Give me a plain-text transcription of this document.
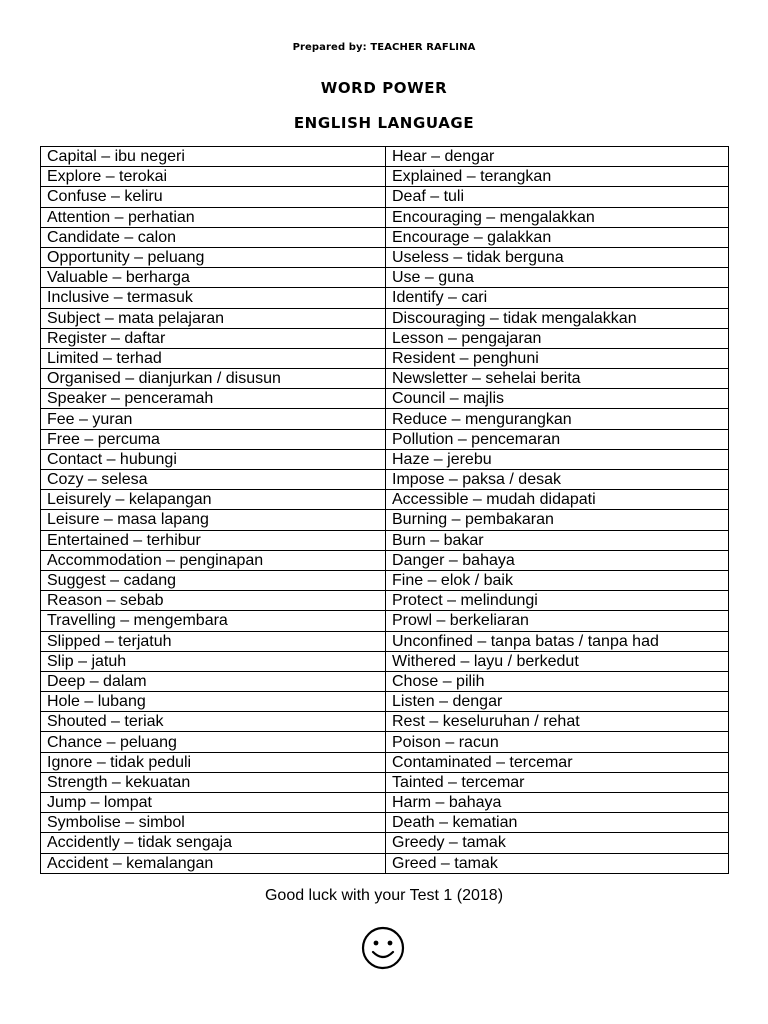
Prepared by: TEACHER RAFLINA
WORD POWER
ENGLISH LANGUAGE
Capital – ibu negeri	Hear – dengar
Explore – terokai	Explained – terangkan
Confuse – keliru	Deaf – tuli
Attention – perhatian	Encouraging – mengalakkan
Candidate – calon	Encourage – galakkan
Opportunity – peluang	Useless – tidak berguna
Valuable – berharga	Use – guna
Inclusive – termasuk	Identify – cari
Subject – mata pelajaran	Discouraging – tidak mengalakkan
Register – daftar	Lesson – pengajaran
Limited – terhad	Resident – penghuni
Organised – dianjurkan / disusun	Newsletter – sehelai berita
Speaker – penceramah	Council – majlis
Fee – yuran	Reduce – mengurangkan
Free – percuma	Pollution – pencemaran
Contact – hubungi	Haze – jerebu
Cozy – selesa	Impose – paksa / desak
Leisurely – kelapangan	Accessible – mudah didapati
Leisure – masa lapang	Burning – pembakaran
Entertained – terhibur	Burn – bakar
Accommodation – penginapan	Danger – bahaya
Suggest – cadang	Fine – elok / baik
Reason – sebab	Protect – melindungi
Travelling – mengembara	Prowl – berkeliaran
Slipped – terjatuh	Unconfined – tanpa batas / tanpa had
Slip – jatuh	Withered – layu / berkedut
Deep – dalam	Chose – pilih
Hole – lubang	Listen – dengar
Shouted – teriak	Rest – keseluruhan / rehat
Chance – peluang	Poison – racun
Ignore – tidak peduli	Contaminated – tercemar
Strength – kekuatan	Tainted – tercemar
Jump – lompat	Harm – bahaya
Symbolise – simbol	Death – kematian
Accidently – tidak sengaja	Greedy – tamak
Accident – kemalangan	Greed – tamak
Good luck with your Test 1 (2018)
